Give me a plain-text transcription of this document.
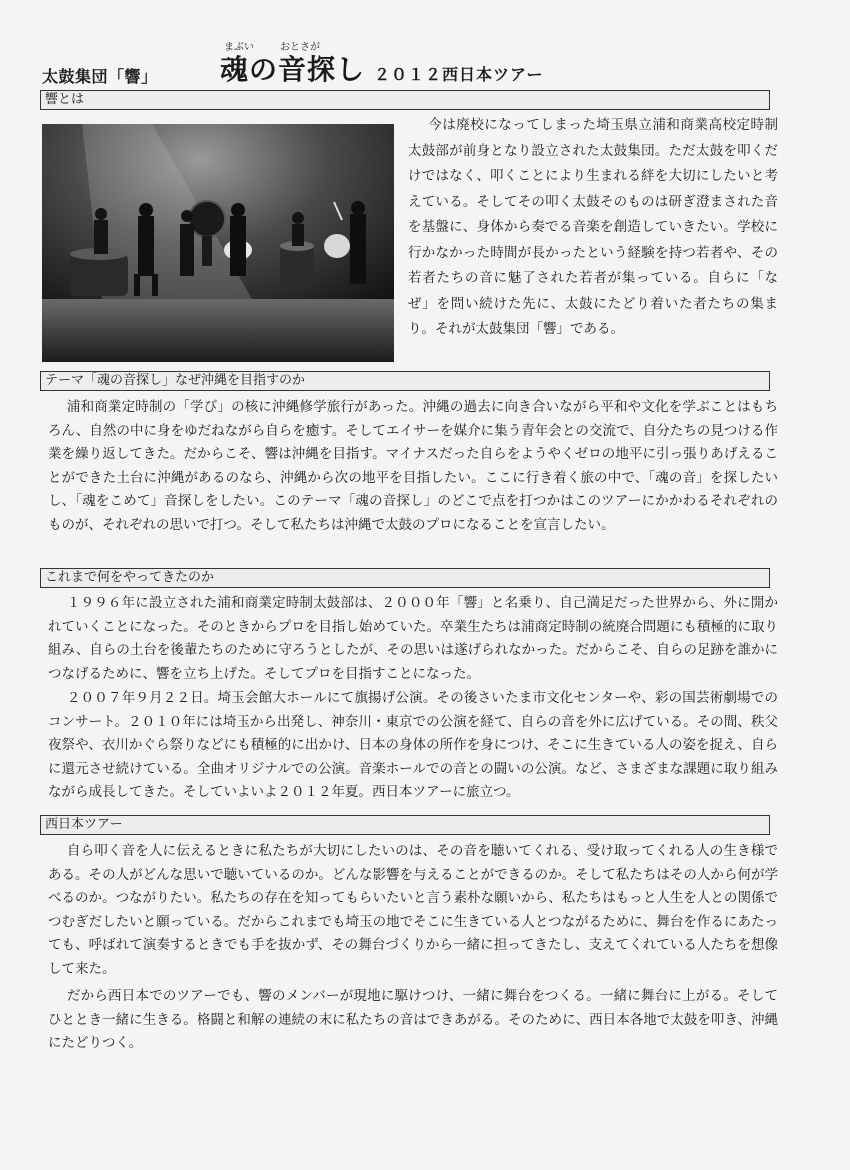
太鼓集団「響」
まぶい	おとさが
魂の音探し ２０１２西日本ツアー
響とは

今は廃校になってしまった埼玉県立浦和商業高校定時制太鼓部が前身となり設立された太鼓集団。ただ太鼓を叩くだけではなく、叩くことにより生まれる絆を大切にしたいと考えている。そしてその叩く太鼓そのものは研ぎ澄まされた音を基盤に、身体から奏でる音楽を創造していきたい。学校に行かなかった時間が長かったという経験を持つ若者や、その若者たちの音に魅了された若者が集っている。自らに「なぜ」を問い続けた先に、太鼓にたどり着いた者たちの集まり。それが太鼓集団「響」である。

テーマ「魂の音探し」なぜ沖縄を目指すのか

浦和商業定時制の「学び」の核に沖縄修学旅行があった。沖縄の過去に向き合いながら平和や文化を学ぶことはもちろん、自然の中に身をゆだねながら自らを癒す。そしてエイサーを媒介に集う青年会との交流で、自分たちの見つける作業を繰り返してきた。だからこそ、響は沖縄を目指す。マイナスだった自らをようやくゼロの地平に引っ張りあげえることができた土台に沖縄があるのなら、沖縄から次の地平を目指したい。ここに行き着く旅の中で、「魂の音」を探したいし、「魂をこめて」音探しをしたい。このテーマ「魂の音探し」のどこで点を打つかはこのツアーにかかわるそれぞれのものが、それぞれの思いで打つ。そして私たちは沖縄で太鼓のプロになることを宣言したい。

これまで何をやってきたのか

１９９６年に設立された浦和商業定時制太鼓部は、２０００年「響」と名乗り、自己満足だった世界から、外に開かれていくことになった。そのときからプロを目指し始めていた。卒業生たちは浦商定時制の統廃合問題にも積極的に取り組み、自らの土台を後輩たちのために守ろうとしたが、その思いは遂げられなかった。だからこそ、自らの足跡を誰かにつなげるために、響を立ち上げた。そしてプロを目指すことになった。

２００７年９月２２日。埼玉会館大ホールにて旗揚げ公演。その後さいたま市文化センターや、彩の国芸術劇場でのコンサート。２０１０年には埼玉から出発し、神奈川・東京での公演を経て、自らの音を外に広げている。その間、秩父夜祭や、衣川かぐら祭りなどにも積極的に出かけ、日本の身体の所作を身につけ、そこに生きている人の姿を捉え、自らに還元させ続けている。全曲オリジナルでの公演。音楽ホールでの音との闘いの公演。など、さまざまな課題に取り組みながら成長してきた。そしていよいよ２０１２年夏。西日本ツアーに旅立つ。

西日本ツアー

自ら叩く音を人に伝えるときに私たちが大切にしたいのは、その音を聴いてくれる、受け取ってくれる人の生き様である。その人がどんな思いで聴いているのか。どんな影響を与えることができるのか。そして私たちはその人から何が学べるのか。つながりたい。私たちの存在を知ってもらいたいと言う素朴な願いから、私たちはもっと人生を人との関係でつむぎだしたいと願っている。だからこれまでも埼玉の地でそこに生きている人とつながるために、舞台を作るにあたっても、呼ばれて演奏するときでも手を抜かず、その舞台づくりから一緒に担ってきたし、支えてくれている人たちを想像して来た。

だから西日本でのツアーでも、響のメンバーが現地に駆けつけ、一緒に舞台をつくる。一緒に舞台に上がる。そしてひととき一緒に生きる。格闘と和解の連続の末に私たちの音はできあがる。そのために、西日本各地で太鼓を叩き、沖縄にたどりつく。
